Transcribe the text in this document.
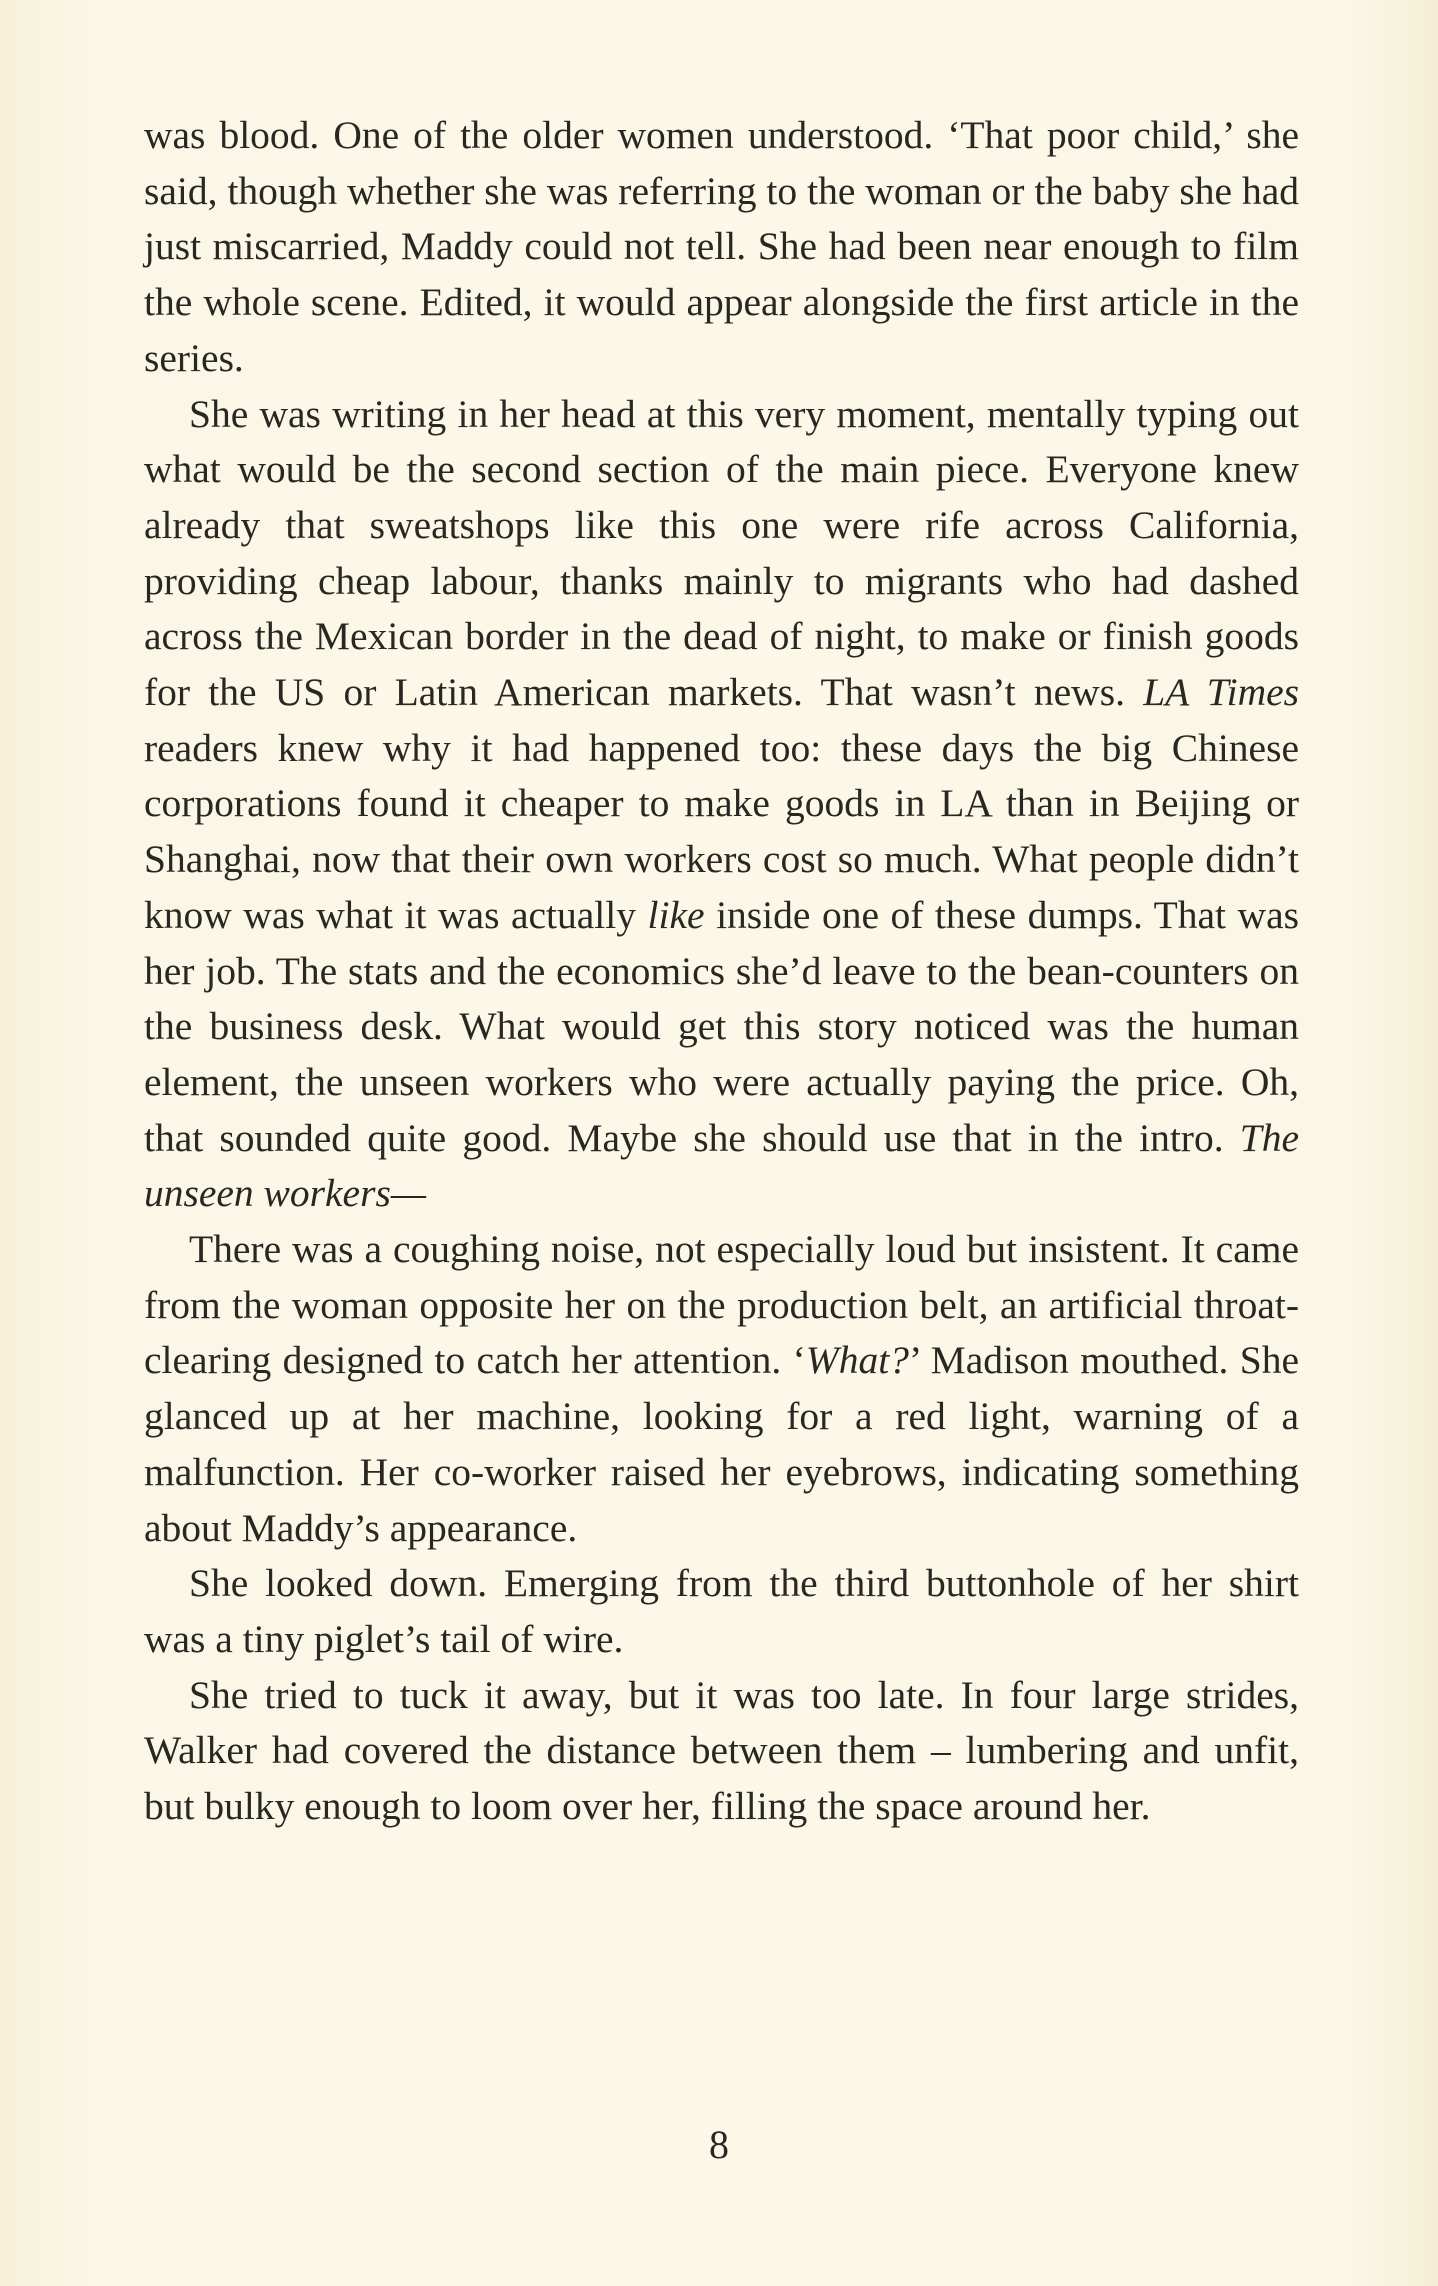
was blood. One of the older women understood. ‘That poor child,’ she said, though whether she was referring to the woman or the baby she had just miscarried, Maddy could not tell. She had been near enough to film the whole scene. Edited, it would appear alongside the first article in the series.

She was writing in her head at this very moment, mentally typing out what would be the second section of the main piece. Everyone knew already that sweatshops like this one were rife across California, providing cheap labour, thanks mainly to migrants who had dashed across the Mexican border in the dead of night, to make or finish goods for the US or Latin American markets. That wasn’t news. LA Times readers knew why it had happened too: these days the big Chinese corporations found it cheaper to make goods in LA than in Beijing or Shanghai, now that their own workers cost so much. What people didn’t know was what it was actually like inside one of these dumps. That was her job. The stats and the economics she’d leave to the bean-counters on the business desk. What would get this story noticed was the human element, the unseen workers who were actually paying the price. Oh, that sounded quite good. Maybe she should use that in the intro. The unseen workers—

There was a coughing noise, not especially loud but insistent. It came from the woman opposite her on the production belt, an artificial throat-clearing designed to catch her attention. ‘What?’ Madison mouthed. She glanced up at her machine, looking for a red light, warning of a malfunction. Her co-worker raised her eyebrows, indicating something about Maddy’s appearance.

She looked down. Emerging from the third buttonhole of her shirt was a tiny piglet’s tail of wire.

She tried to tuck it away, but it was too late. In four large strides, Walker had covered the distance between them – lumbering and unfit, but bulky enough to loom over her, filling the space around her.

8
